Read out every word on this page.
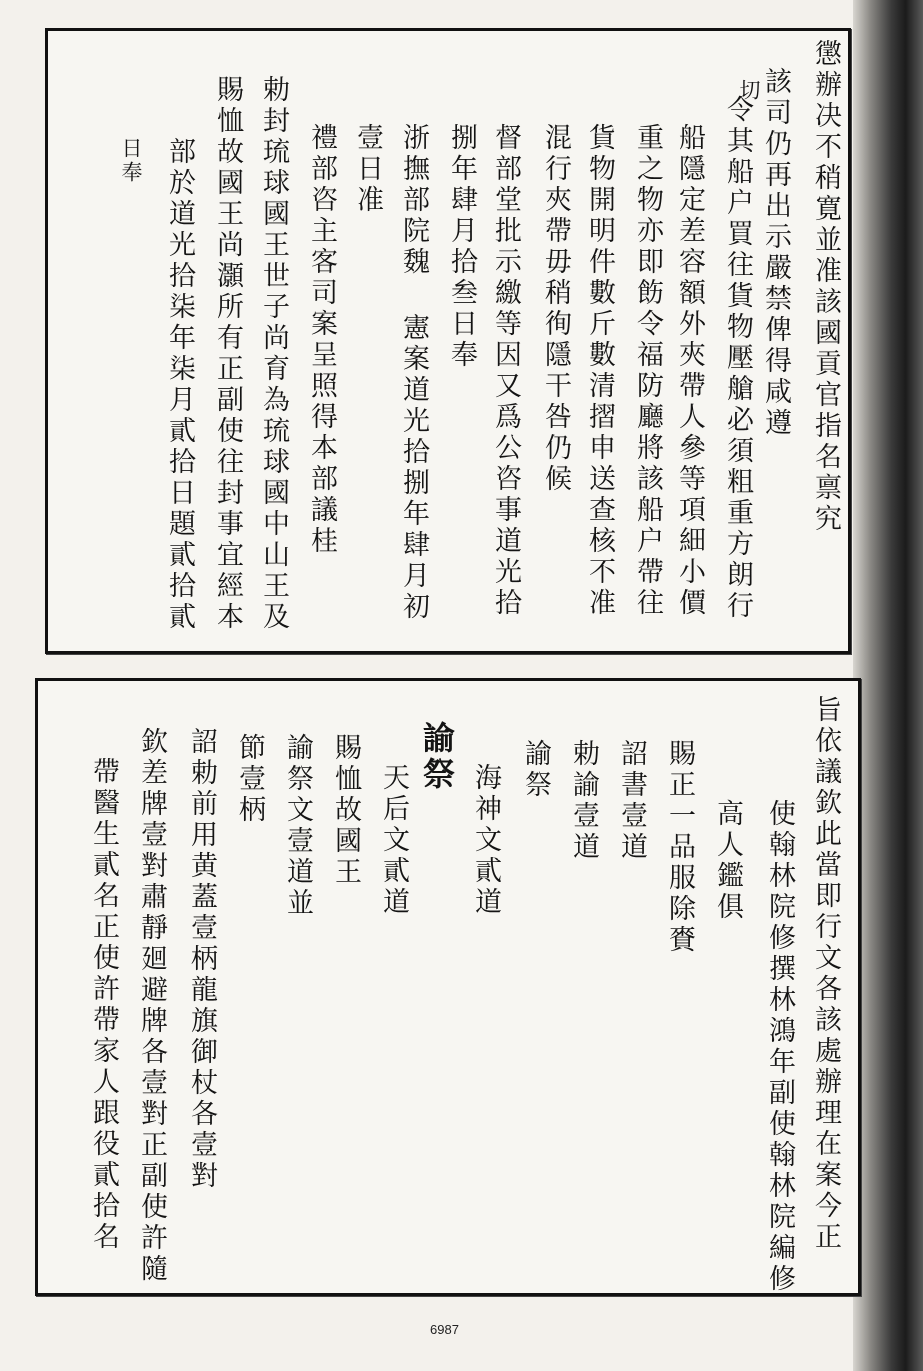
懲辦决不稍寛並准該國貢官指名禀究
該司仍再出示嚴禁俾得咸遵
令其船户買往貨物壓艙必須粗重方朗行
船隱定差容額外夾帶人參等項細小價
重之物亦即飭令福防廳將該船户帶往
貨物開明件數斤數清摺申送查核不准
混行夾帶毋稍徇隱干咎仍候
督部堂批示繳等因又爲公咨事道光拾
捌年肆月拾叁日奉
浙撫部院魏 憲案道光拾捌年肆月初
壹日准
禮部咨主客司案呈照得本部議桂
勅封琉球國王世子尚育為琉球國中山王及
賜恤故國王尚灝所有正副使往封事宜經本
部於道光拾柒年柒月貳拾日題貳拾貳
日奉
切
旨依議欽此當即行文各該處辦理在案今正
使翰林院修撰林鴻年副使翰林院編修
高人鑑俱
賜正一品服除賚
詔書壹道
勅諭壹道
諭祭
海神文貳道
諭祭
天后文貳道
賜恤故國王
諭祭文壹道並
節壹柄
詔勅前用黄蓋壹柄龍旗御杖各壹對
欽差牌壹對肅靜廻避牌各壹對正副使許隨
帶醫生貳名正使許帶家人跟役貳拾名
6987
